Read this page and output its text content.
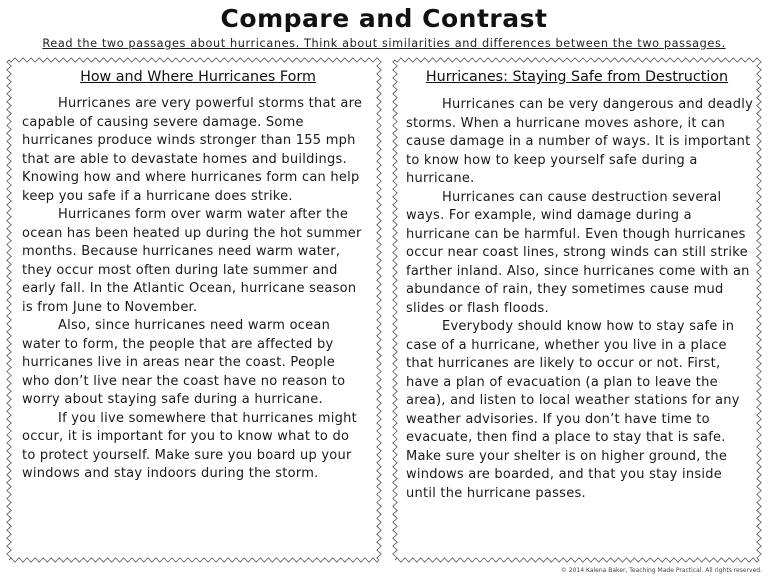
Compare and Contrast
Read the two passages about hurricanes. Think about similarities and differences between the two passages.
How and Where Hurricanes Form

Hurricanes are very powerful storms that are capable of causing severe damage. Some hurricanes produce winds stronger than 155 mph that are able to devastate homes and buildings. Knowing how and where hurricanes form can help keep you safe if a hurricane does strike.

Hurricanes form over warm water after the ocean has been heated up during the hot summer months. Because hurricanes need warm water, they occur most often during late summer and early fall. In the Atlantic Ocean, hurricane season is from June to November.

Also, since hurricanes need warm ocean water to form, the people that are affected by hurricanes live in areas near the coast. People who don’t live near the coast have no reason to worry about staying safe during a hurricane.

If you live somewhere that hurricanes might occur, it is important for you to know what to do to protect yourself. Make sure you board up your windows and stay indoors during the storm.

Hurricanes: Staying Safe from Destruction

Hurricanes can be very dangerous and deadly storms. When a hurricane moves ashore, it can cause damage in a number of ways. It is important to know how to keep yourself safe during a hurricane.

Hurricanes can cause destruction several ways. For example, wind damage during a hurricane can be harmful. Even though hurricanes occur near coast lines, strong winds can still strike farther inland. Also, since hurricanes come with an abundance of rain, they sometimes cause mud slides or flash floods.

Everybody should know how to stay safe in case of a hurricane, whether you live in a place that hurricanes are likely to occur or not. First, have a plan of evacuation (a plan to leave the area), and listen to local weather stations for any weather advisories. If you don’t have time to evacuate, then find a place to stay that is safe. Make sure your shelter is on higher ground, the windows are boarded, and that you stay inside until the hurricane passes.

© 2014 Kalena Baker, Teaching Made Practical. All rights reserved.
